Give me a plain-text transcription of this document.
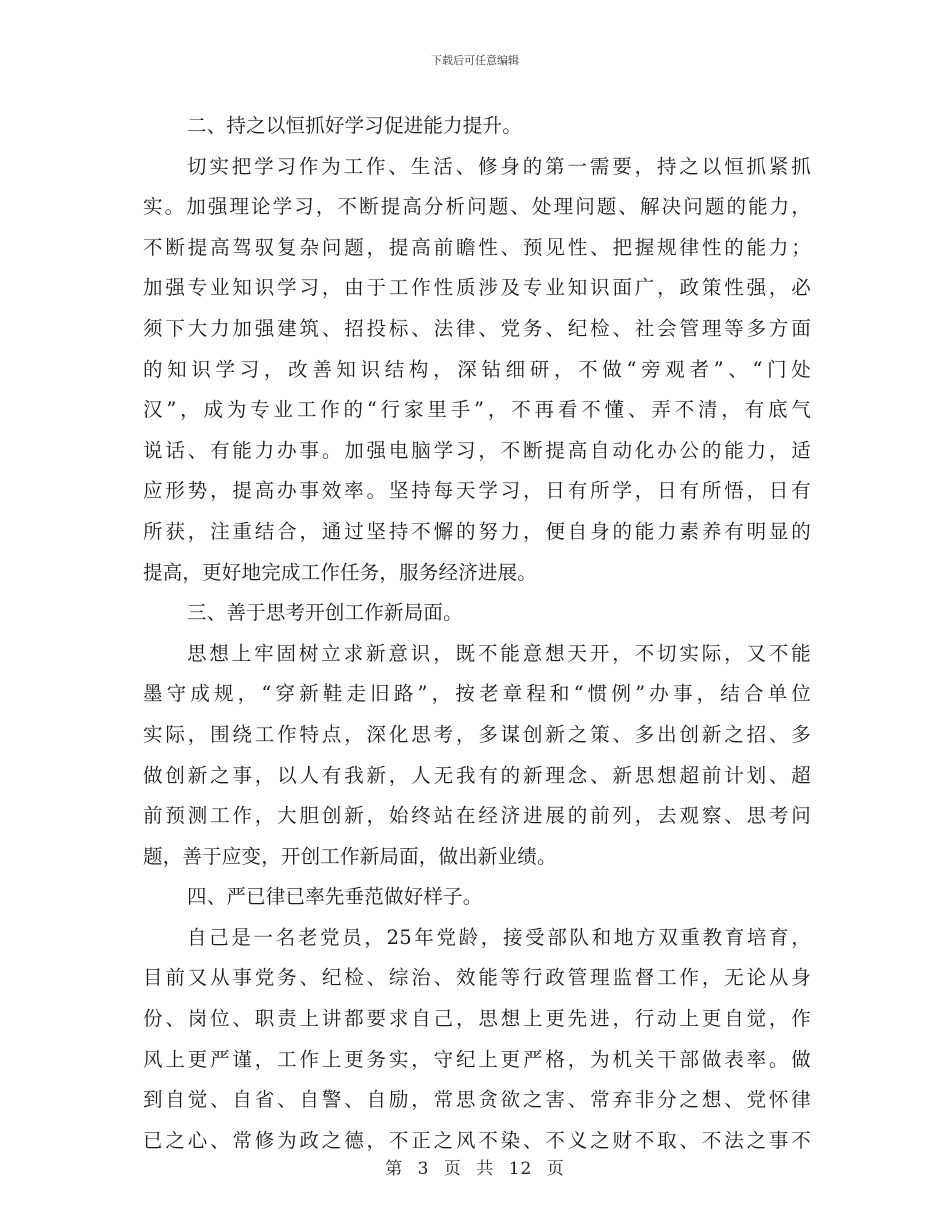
下载后可任意编辑
二、持之以恒抓好学习促进能力提升。
切实把学习作为工作、生活、修身的第一需要，持之以恒抓紧抓
实。加强理论学习，不断提高分析问题、处理问题、解决问题的能力，
不断提高驾驭复杂问题，提高前瞻性、预见性、把握规律性的能力；
加强专业知识学习，由于工作性质涉及专业知识面广，政策性强，必
须下大力加强建筑、招投标、法律、党务、纪检、社会管理等多方面
的知识学习，改善知识结构，深钻细研，不做“旁观者”、“门处
汉”，成为专业工作的“行家里手”，不再看不懂、弄不清，有底气
说话、有能力办事。加强电脑学习，不断提高自动化办公的能力，适
应形势，提高办事效率。坚持每天学习，日有所学，日有所悟，日有
所获，注重结合，通过坚持不懈的努力，便自身的能力素养有明显的
提高，更好地完成工作任务，服务经济进展。
三、善于思考开创工作新局面。
思想上牢固树立求新意识，既不能意想天开，不切实际，又不能
墨守成规，“穿新鞋走旧路”，按老章程和“惯例”办事，结合单位
实际，围绕工作特点，深化思考，多谋创新之策、多出创新之招、多
做创新之事，以人有我新，人无我有的新理念、新思想超前计划、超
前预测工作，大胆创新，始终站在经济进展的前列，去观察、思考问
题，善于应变，开创工作新局面，做出新业绩。
四、严已律已率先垂范做好样子。
自己是一名老党员，25年党龄，接受部队和地方双重教育培育，
目前又从事党务、纪检、综治、效能等行政管理监督工作，无论从身
份、岗位、职责上讲都要求自己，思想上更先进，行动上更自觉，作
风上更严谨，工作上更务实，守纪上更严格，为机关干部做表率。做
到自觉、自省、自警、自励，常思贪欲之害、常弃非分之想、党怀律
已之心、常修为政之德，不正之风不染、不义之财不取、不法之事不
第 3 页 共 12 页
